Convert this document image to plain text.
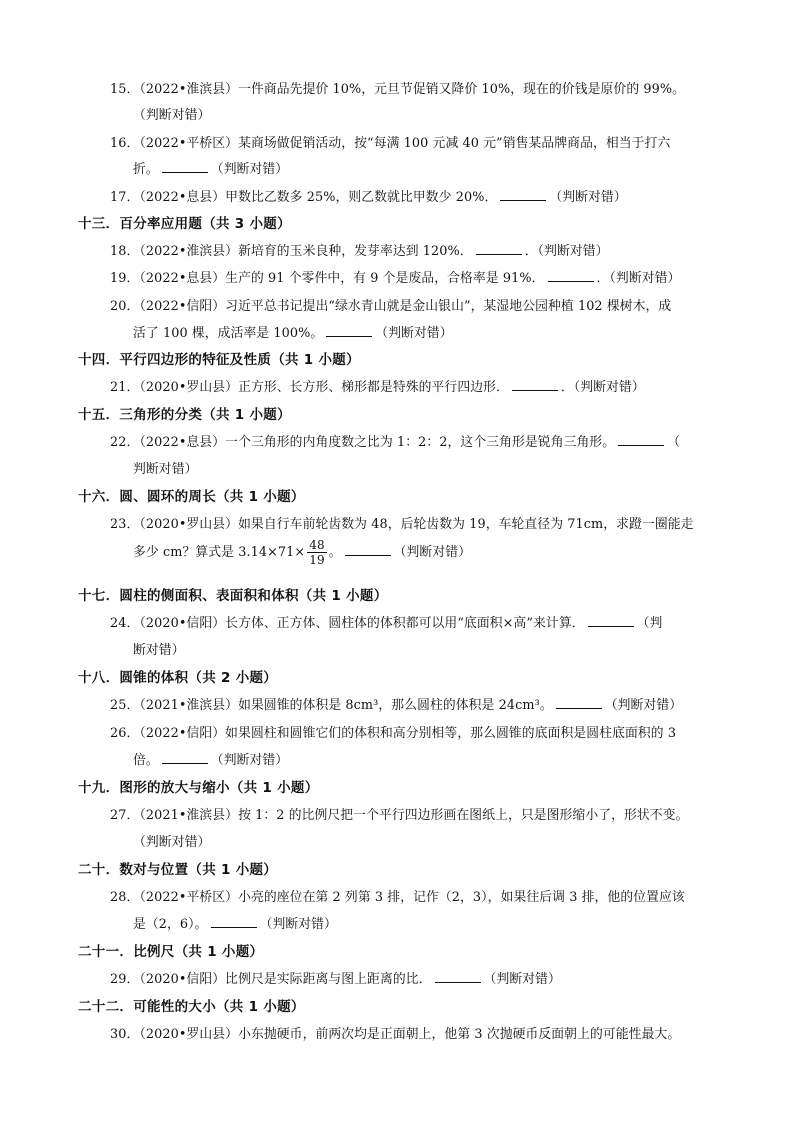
15．（2022•淮滨县）一件商品先提价 10%，元旦节促销又降价 10%，现在的价钱是原价的 99%。
（判断对错）
16．（2022•平桥区）某商场做促销活动，按“每满 100 元减 40 元”销售某品牌商品，相当于打六
折。	（判断对错）
17．（2022•息县）甲数比乙数多 25%，则乙数就比甲数少 20%．	（判断对错）
十三．百分率应用题（共 3 小题）
18．（2022•淮滨县）新培育的玉米良种，发芽率达到 120%．	．（判断对错）
19．（2022•息县）生产的 91 个零件中，有 9 个是废品，合格率是 91%．	．（判断对错）
20．（2022•信阳）习近平总书记提出“绿水青山就是金山银山”，某湿地公园种植 102 棵树木，成
活了 100 棵，成活率是 100%。	（判断对错）
十四．平行四边形的特征及性质（共 1 小题）
21．（2020•罗山县）正方形、长方形、梯形都是特殊的平行四边形．	．（判断对错）
十五．三角形的分类（共 1 小题）
22．（2022•息县）一个三角形的内角度数之比为 1：2：2，这个三角形是锐角三角形。	（
判断对错）
十六．圆、圆环的周长（共 1 小题）
23．（2020•罗山县）如果自行车前轮齿数为 48，后轮齿数为 19，车轮直径为 71cm，求蹬一圈能走
多少 cm？算式是 $3.14\times 71\times \frac{48}{19}$ 。	（判断对错）
十七．圆柱的侧面积、表面积和体积（共 1 小题）
24．（2020•信阳）长方体、正方体、圆柱体的体积都可以用“底面积×高”来计算．	（判
断对错）
十八．圆锥的体积（共 2 小题）
25．（2021•淮滨县）如果圆锥的体积是 8cm³，那么圆柱的体积是 24cm³。	（判断对错）
26．（2022•信阳）如果圆柱和圆锥它们的体积和高分别相等，那么圆锥的底面积是圆柱底面积的 3
倍。	（判断对错）
十九．图形的放大与缩小（共 1 小题）
27．（2021•淮滨县）按 1：2 的比例尺把一个平行四边形画在图纸上，只是图形缩小了，形状不变。
（判断对错）
二十．数对与位置（共 1 小题）
28．（2022•平桥区）小亮的座位在第 2 列第 3 排，记作（2，3），如果往后调 3 排，他的位置应该
是（2，6）。	（判断对错）
二十一．比例尺（共 1 小题）
29．（2020•信阳）比例尺是实际距离与图上距离的比．	（判断对错）
二十二．可能性的大小（共 1 小题）
30．（2020•罗山县）小东抛硬币，前两次均是正面朝上，他第 3 次抛硬币反面朝上的可能性最大。
